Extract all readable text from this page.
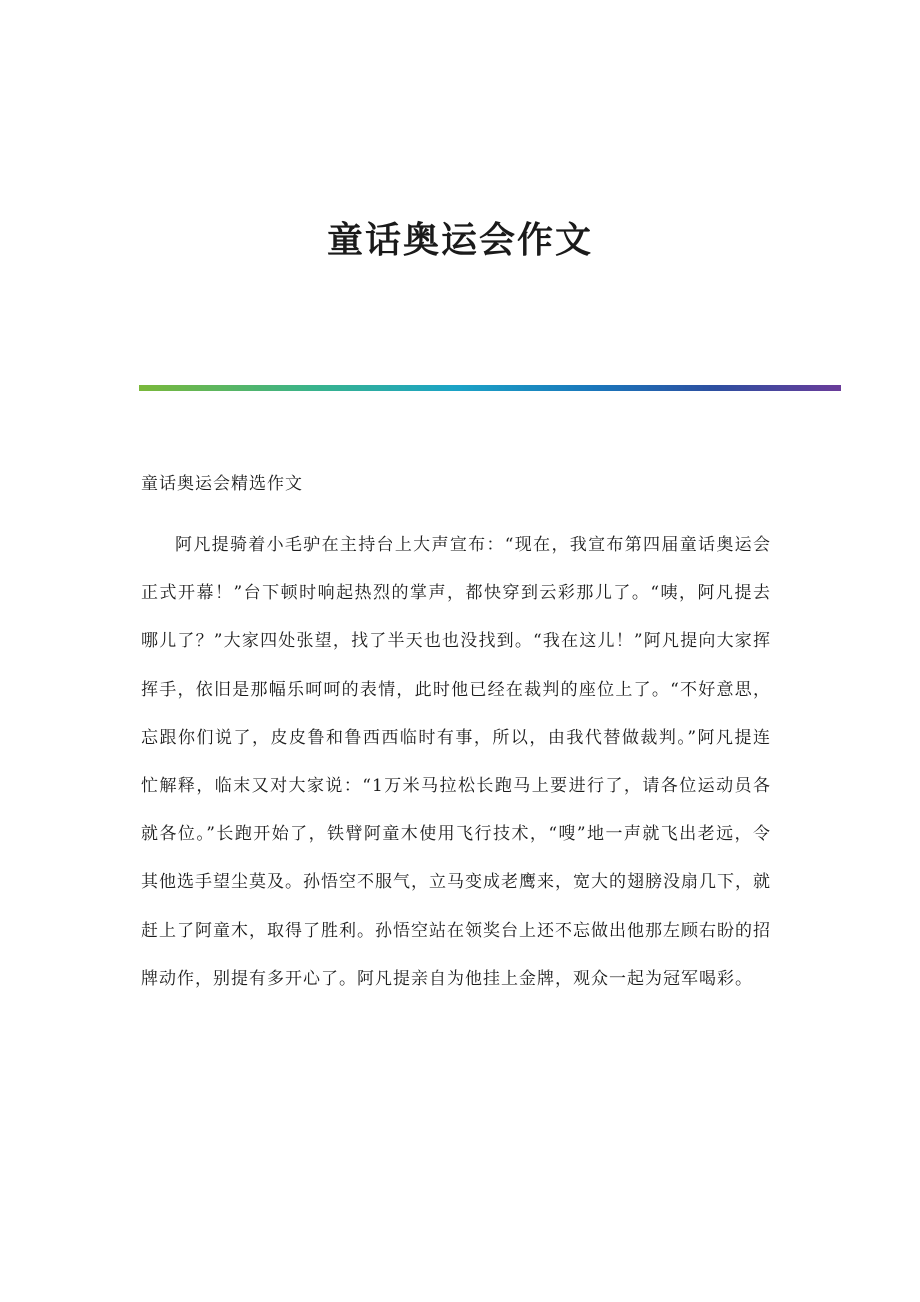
童话奥运会作文

童话奥运会精选作文

阿凡提骑着小毛驴在主持台上大声宣布：“现在，我宣布第四届童话奥运会正式开幕！”台下顿时响起热烈的掌声，都快穿到云彩那儿了。“咦，阿凡提去哪儿了？”大家四处张望，找了半天也也没找到。“我在这儿！”阿凡提向大家挥挥手，依旧是那幅乐呵呵的表情，此时他已经在裁判的座位上了。“不好意思，忘跟你们说了，皮皮鲁和鲁西西临时有事，所以，由我代替做裁判。”阿凡提连忙解释，临末又对大家说：“1万米马拉松长跑马上要进行了，请各位运动员各就各位。”长跑开始了，铁臂阿童木使用飞行技术，“嗖”地一声就飞出老远，令其他选手望尘莫及。孙悟空不服气，立马变成老鹰来，宽大的翅膀没扇几下，就赶上了阿童木，取得了胜利。孙悟空站在领奖台上还不忘做出他那左顾右盼的招牌动作，别提有多开心了。阿凡提亲自为他挂上金牌，观众一起为冠军喝彩。
